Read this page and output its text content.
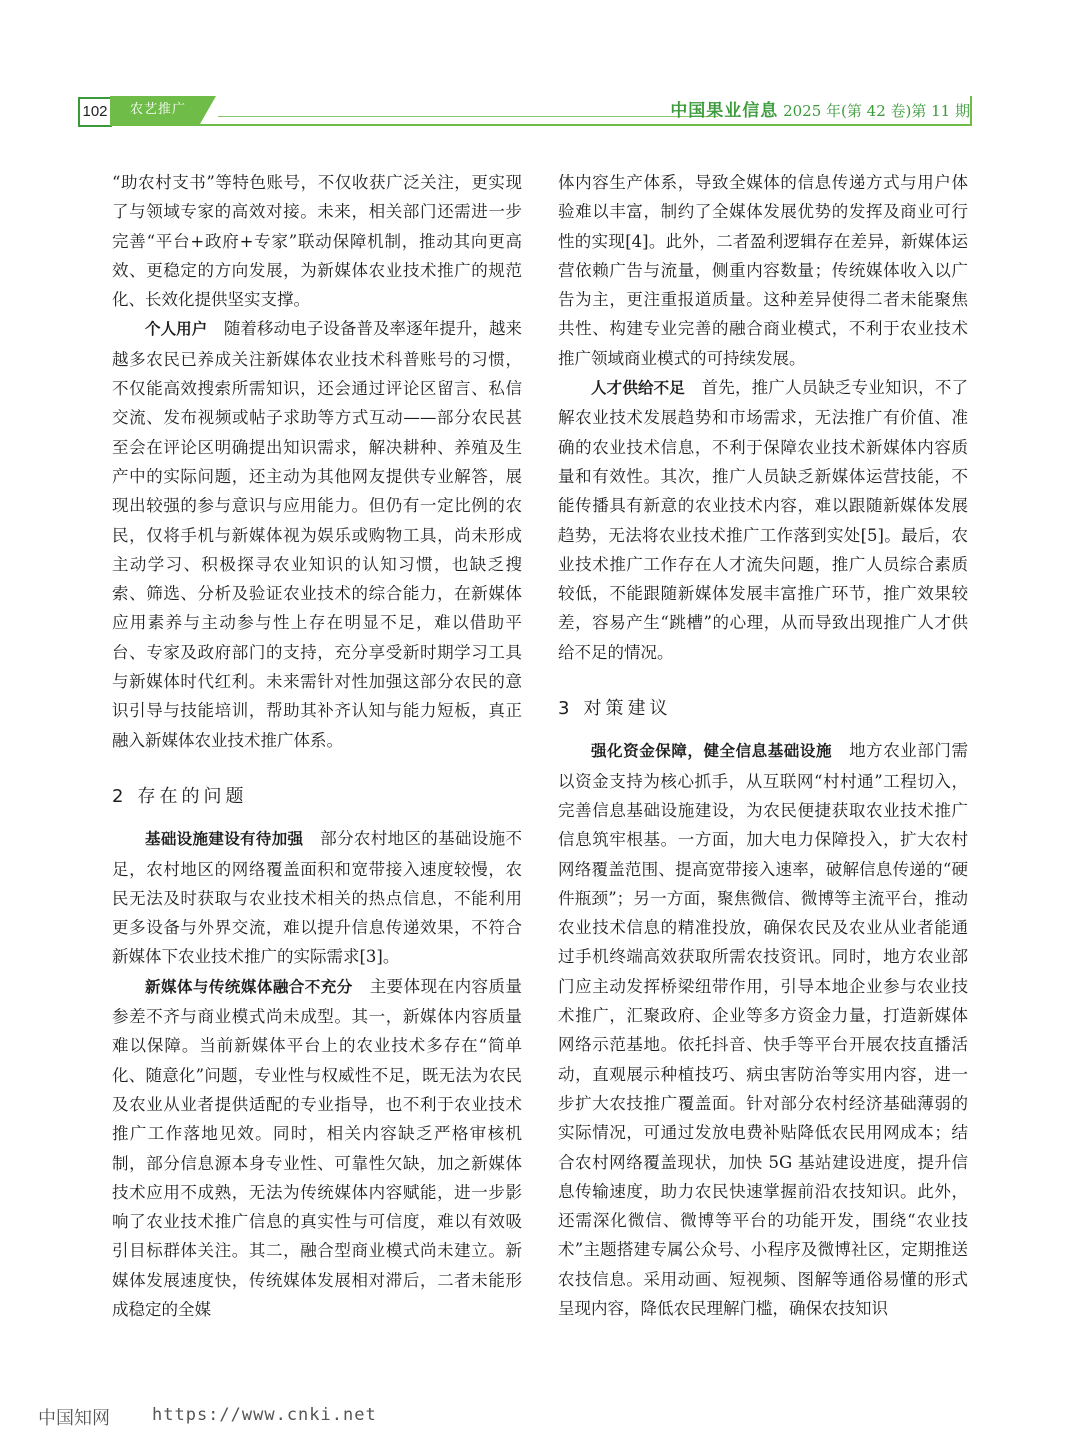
102	农艺推广	中国果业信息 2025 年(第 42 卷)第 11 期

“助农村支书”等特色账号，不仅收获广泛关注，更实现了与领域专家的高效对接。未来，相关部门还需进一步完善“平台+政府+专家”联动保障机制，推动其向更高效、更稳定的方向发展，为新媒体农业技术推广的规范化、长效化提供坚实支撑。

个人用户　 随着移动电子设备普及率逐年提升，越来越多农民已养成关注新媒体农业技术科普账号的习惯，不仅能高效搜索所需知识，还会通过评论区留言、私信交流、发布视频或帖子求助等方式互动——部分农民甚至会在评论区明确提出知识需求，解决耕种、养殖及生产中的实际问题，还主动为其他网友提供专业解答，展现出较强的参与意识与应用能力。但仍有一定比例的农民，仅将手机与新媒体视为娱乐或购物工具，尚未形成主动学习、积极探寻农业知识的认知习惯，也缺乏搜索、筛选、分析及验证农业技术的综合能力，在新媒体应用素养与主动参与性上存在明显不足，难以借助平台、专家及政府部门的支持，充分享受新时期学习工具与新媒体时代红利。未来需针对性加强这部分农民的意识引导与技能培训，帮助其补齐认知与能力短板，真正融入新媒体农业技术推广体系。

2 存在的问题

基础设施建设有待加强　 部分农村地区的基础设施不足，农村地区的网络覆盖面积和宽带接入速度较慢，农民无法及时获取与农业技术相关的热点信息，不能利用更多设备与外界交流，难以提升信息传递效果，不符合新媒体下农业技术推广的实际需求[3]。

新媒体与传统媒体融合不充分　 主要体现在内容质量参差不齐与商业模式尚未成型。其一，新媒体内容质量难以保障。当前新媒体平台上的农业技术多存在“简单化、随意化”问题，专业性与权威性不足，既无法为农民及农业从业者提供适配的专业指导，也不利于农业技术推广工作落地见效。同时，相关内容缺乏严格审核机制，部分信息源本身专业性、可靠性欠缺，加之新媒体技术应用不成熟，无法为传统媒体内容赋能，进一步影响了农业技术推广信息的真实性与可信度，难以有效吸引目标群体关注。其二，融合型商业模式尚未建立。新媒体发展速度快，传统媒体发展相对滞后，二者未能形成稳定的全媒

体内容生产体系，导致全媒体的信息传递方式与用户体验难以丰富，制约了全媒体发展优势的发挥及商业可行性的实现[4]。此外，二者盈利逻辑存在差异，新媒体运营依赖广告与流量，侧重内容数量；传统媒体收入以广告为主，更注重报道质量。这种差异使得二者未能聚焦共性、构建专业完善的融合商业模式，不利于农业技术推广领域商业模式的可持续发展。

人才供给不足　 首先，推广人员缺乏专业知识，不了解农业技术发展趋势和市场需求，无法推广有价值、准确的农业技术信息，不利于保障农业技术新媒体内容质量和有效性。其次，推广人员缺乏新媒体运营技能，不能传播具有新意的农业技术内容，难以跟随新媒体发展趋势，无法将农业技术推广工作落到实处[5]。最后，农业技术推广工作存在人才流失问题，推广人员综合素质较低，不能跟随新媒体发展丰富推广环节，推广效果较差，容易产生“跳槽”的心理，从而导致出现推广人才供给不足的情况。

3 对策建议

强化资金保障，健全信息基础设施　 地方农业部门需以资金支持为核心抓手，从互联网“村村通”工程切入，完善信息基础设施建设，为农民便捷获取农业技术推广信息筑牢根基。一方面，加大电力保障投入，扩大农村网络覆盖范围、提高宽带接入速率，破解信息传递的“硬件瓶颈”；另一方面，聚焦微信、微博等主流平台，推动农业技术信息的精准投放，确保农民及农业从业者能通过手机终端高效获取所需农技资讯。同时，地方农业部门应主动发挥桥梁纽带作用，引导本地企业参与农业技术推广，汇聚政府、企业等多方资金力量，打造新媒体网络示范基地。依托抖音、快手等平台开展农技直播活动，直观展示种植技巧、病虫害防治等实用内容，进一步扩大农技推广覆盖面。针对部分农村经济基础薄弱的实际情况，可通过发放电费补贴降低农民用网成本；结合农村网络覆盖现状，加快 5G 基站建设进度，提升信息传输速度，助力农民快速掌握前沿农技知识。此外，还需深化微信、微博等平台的功能开发，围绕“农业技术”主题搭建专属公众号、小程序及微博社区，定期推送农技信息。采用动画、短视频、图解等通俗易懂的形式呈现内容，降低农民理解门槛，确保农技知识

中国知网 https://www.cnki.net
